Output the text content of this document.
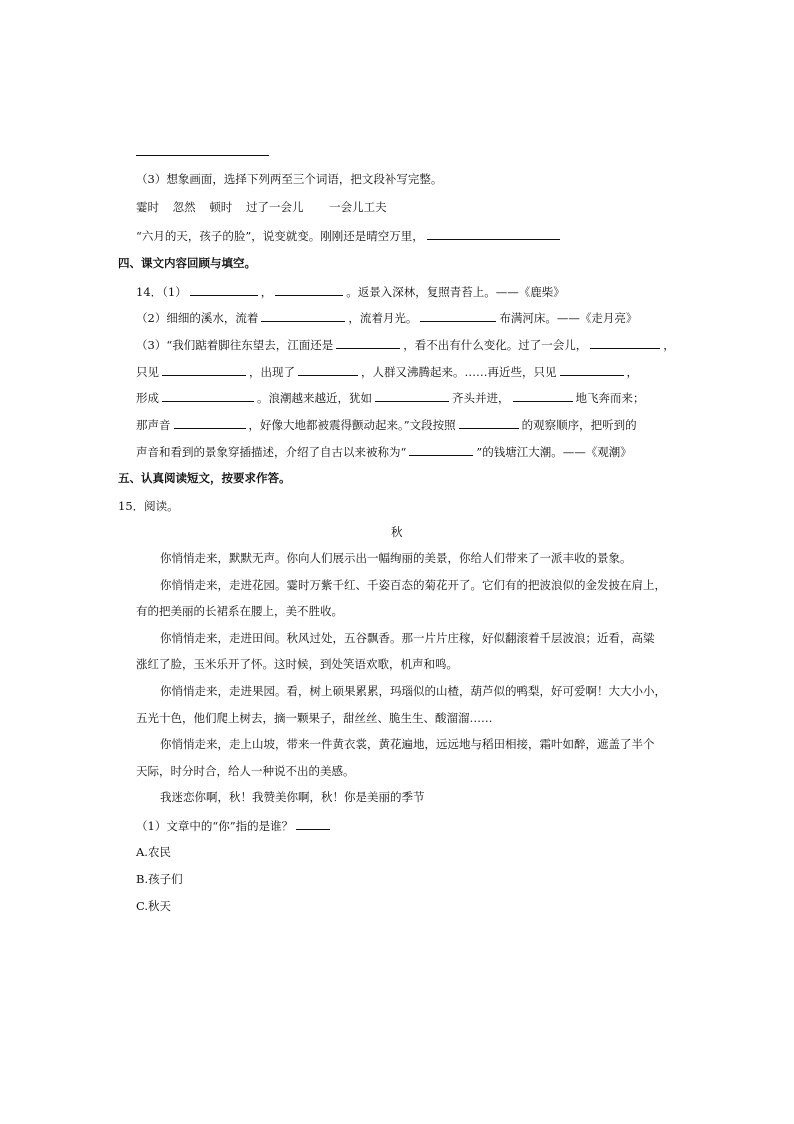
（3）想象画面，选择下列两至三个词语，把文段补写完整。
霎时 忽然 顿时 过了一会儿 一会儿工夫
“六月的天，孩子的脸”，说变就变。刚刚还是晴空万里，
四、课文内容回顾与填空。
14．（1）	，	。返景入深林，复照青苔上。——《鹿柴》
（2）细细的溪水，流着	，流着月光。	布满河床。——《走月亮》
（3）“我们踮着脚往东望去，江面还是	，看不出有什么变化。过了一会儿，	，
只见	，出现了	，人群又沸腾起来。……再近些，只见	，
形成	。浪潮越来越近，犹如	齐头并进，	地飞奔而来；
那声音	，好像大地都被震得颤动起来。”文段按照	的观察顺序，把听到的
声音和看到的景象穿插描述，介绍了自古以来被称为“	”的钱塘江大潮。——《观潮》
五、认真阅读短文，按要求作答。
15．阅读。
秋
你悄悄走来，默默无声。你向人们展示出一幅绚丽的美景，你给人们带来了一派丰收的景象。
你悄悄走来，走进花园。霎时万紫千红、千姿百态的菊花开了。它们有的把波浪似的金发披在肩上，
有的把美丽的长裙系在腰上，美不胜收。
你悄悄走来，走进田间。秋风过处，五谷飘香。那一片片庄稼，好似翻滚着千层波浪；近看，高粱
涨红了脸，玉米乐开了怀。这时候，到处笑语欢歌，机声和鸣。
你悄悄走来，走进果园。看，树上硕果累累，玛瑙似的山楂，葫芦似的鸭梨，好可爱啊！大大小小，
五光十色，他们爬上树去，摘一颗果子，甜丝丝、脆生生、酸溜溜……
你悄悄走来，走上山坡，带来一件黄衣裳，黄花遍地，远远地与稻田相接，霜叶如醉，遮盖了半个
天际，时分时合，给人一种说不出的美感。
我迷恋你啊，秋！我赞美你啊，秋！你是美丽的季节
（1）文章中的“你”指的是谁？
A.农民
B.孩子们
C.秋天
